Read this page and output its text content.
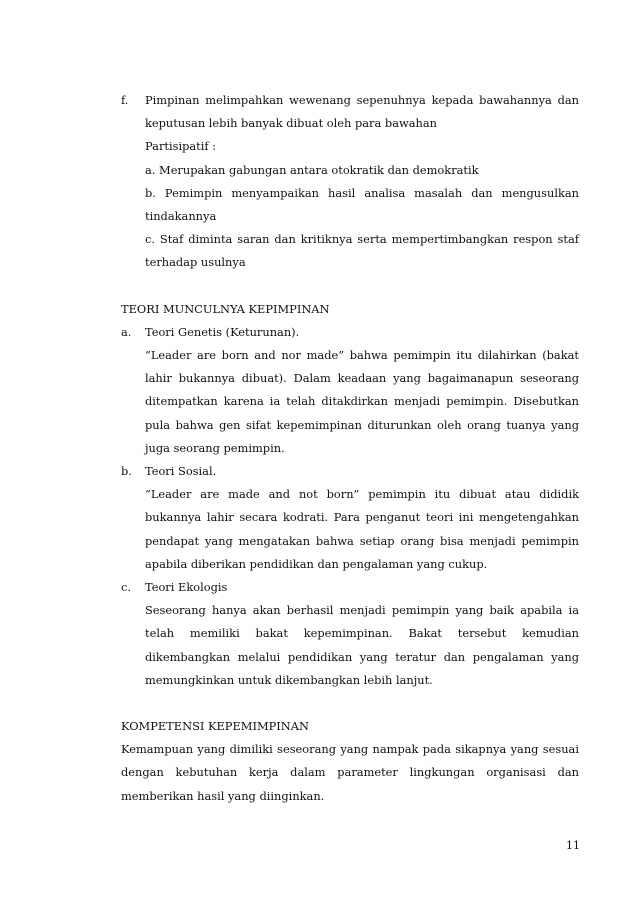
f.	Pimpinan melimpahkan wewenang sepenuhnya kepada bawahannya dan keputusan lebih banyak dibuat oleh para bawahan

Partisipatif :

a. Merupakan gabungan antara otokratik dan demokratik

b. Pemimpin menyampaikan hasil analisa masalah dan mengusulkan tindakannya

c. Staf diminta saran dan kritiknya serta mempertimbangkan respon staf terhadap usulnya

TEORI MUNCULNYA KEPIMPINAN

a.	Teori Genetis (Keturunan).

“Leader are born and nor made” bahwa pemimpin itu dilahirkan (bakat lahir bukannya dibuat). Dalam keadaan yang bagaimanapun seseorang ditempatkan karena ia telah ditakdirkan menjadi pemimpin. Disebutkan pula bahwa gen sifat kepemimpinan diturunkan oleh orang tuanya yang juga seorang pemimpin.

b.	Teori Sosial.

“Leader are made and not born” pemimpin itu dibuat atau dididik bukannya lahir secara kodrati. Para penganut teori ini mengetengahkan pendapat yang mengatakan bahwa setiap orang bisa menjadi pemimpin apabila diberikan pendidikan dan pengalaman yang cukup.

c.	Teori Ekologis

Seseorang hanya akan berhasil menjadi pemimpin yang baik apabila ia telah memiliki bakat kepemimpinan. Bakat tersebut kemudian dikembangkan melalui pendidikan yang teratur dan pengalaman yang memungkinkan untuk dikembangkan lebih lanjut.

KOMPETENSI KEPEMIMPINAN

Kemampuan yang dimiliki seseorang yang nampak pada sikapnya yang sesuai dengan kebutuhan kerja dalam parameter lingkungan organisasi dan memberikan hasil yang diinginkan.

11
